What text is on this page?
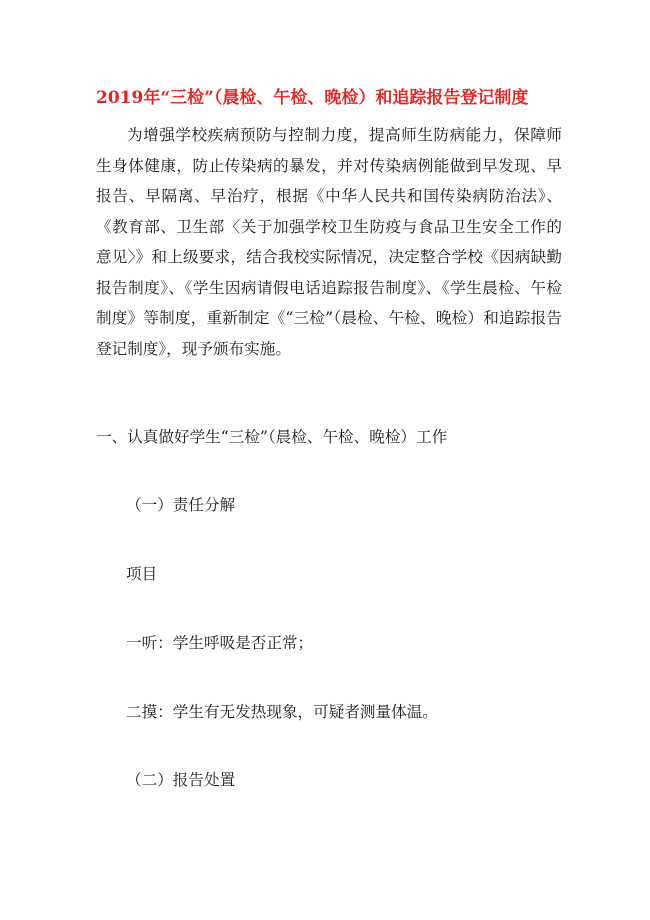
2019年“三检”（晨检、午检、晚检）和追踪报告登记制度
为增强学校疾病预防与控制力度，提高师生防病能力，保障师生身体健康，防止传染病的暴发，并对传染病例能做到早发现、早报告、早隔离、早治疗，根据《中华人民共和国传染病防治法》、《教育部、卫生部〈关于加强学校卫生防疫与食品卫生安全工作的意见〉》和上级要求，结合我校实际情况，决定整合学校《因病缺勤报告制度》、《学生因病请假电话追踪报告制度》、《学生晨检、午检制度》等制度，重新制定《“三检”（晨检、午检、晚检）和追踪报告登记制度》，现予颁布实施。
一、认真做好学生“三检”（晨检、午检、晚检）工作
（一）责任分解
项目
一听：学生呼吸是否正常；
二摸：学生有无发热现象，可疑者测量体温。
（二）报告处置
